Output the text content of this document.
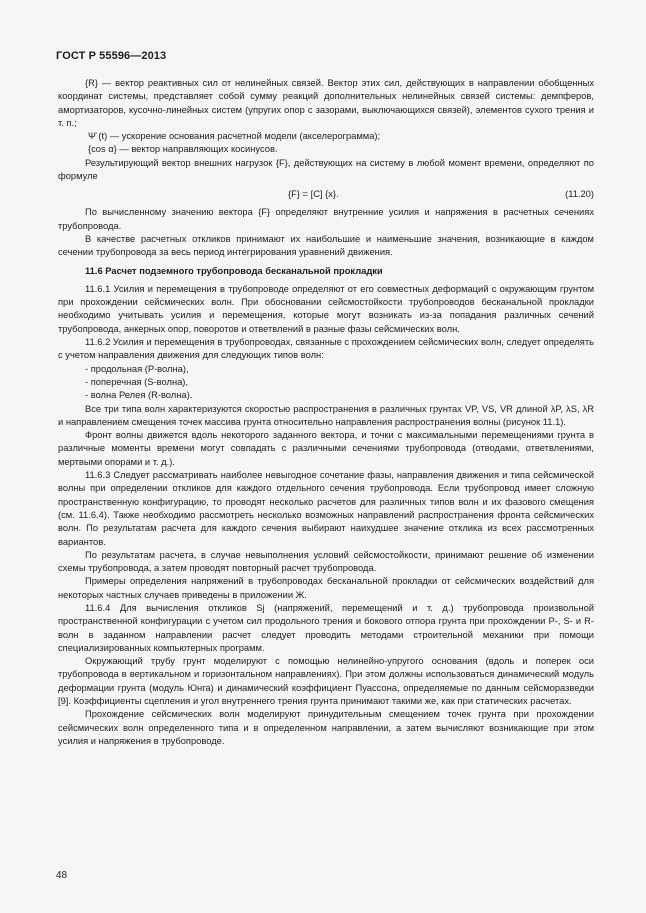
ГОСТ Р 55596—2013

{R} — вектор реактивных сил от нелинейных связей. Вектор этих сил, действующих в направлении обобщенных координат системы, представляет собой сумму реакций дополнительных нелинейных связей системы: демпферов, амортизаторов, кусочно-линейных систем (упругих опор с зазорами, выключающихся связей), элементов сухого трения и т. п.;

Ψ̈ (t) — ускорение основания расчетной модели (акселерограмма);

{cos α} — вектор направляющих косинусов.

Результирующий вектор внешних нагрузок {F}, действующих на систему в любой момент времени, определяют по формуле

{F} = [C] {x}.	(11.20)

По вычисленному значению вектора {F} определяют внутренние усилия и напряжения в расчетных сечениях трубопровода.

В качестве расчетных откликов принимают их наибольшие и наименьшие значения, возникающие в каждом сечении трубопровода за весь период интегрирования уравнений движения.

11.6 Расчет подземного трубопровода бесканальной прокладки

11.6.1 Усилия и перемещения в трубопроводе определяют от его совместных деформаций с окружающим грунтом при прохождении сейсмических волн. При обосновании сейсмостойкости трубопроводов бесканальной прокладки необходимо учитывать усилия и перемещения, которые могут возникать из-за попадания различных сечений трубопровода, анкерных опор, поворотов и ответвлений в разные фазы сейсмических волн.

11.6.2 Усилия и перемещения в трубопроводах, связанные с прохождением сейсмических волн, следует определять с учетом направления движения для следующих типов волн:

- продольная (P-волна),

- поперечная (S-волна),

- волна Релея (R-волна).

Все три типа волн характеризуются скоростью распространения в различных грунтах VP, VS, VR длиной λP, λS, λR и направлением смещения точек массива грунта относительно направления распространения волны (рисунок 11.1).

Фронт волны движется вдоль некоторого заданного вектора, и точки с максимальными перемещениями грунта в различные моменты времени могут совпадать с различными сечениями трубопровода (отводами, ответвлениями, мертвыми опорами и т. д.).

11.6.3 Следует рассматривать наиболее невыгодное сочетание фазы, направления движения и типа сейсмической волны при определении откликов для каждого отдельного сечения трубопровода. Если трубопровод имеет сложную пространственную конфигурацию, то проводят несколько расчетов для различных типов волн и их фазового смещения (см. 11.6.4). Также необходимо рассмотреть несколько возможных направлений распространения фронта сейсмических волн. По результатам расчета для каждого сечения выбирают наихудшее значение отклика из всех рассмотренных вариантов.

По результатам расчета, в случае невыполнения условий сейсмостойкости, принимают решение об изменении схемы трубопровода, а затем проводят повторный расчет трубопровода.

Примеры определения напряжений в трубопроводах бесканальной прокладки от сейсмических воздействий для некоторых частных случаев приведены в приложении Ж.

11.6.4 Для вычисления откликов Sj (напряжений, перемещений и т. д.) трубопровода произвольной пространственной конфигурации с учетом сил продольного трения и бокового отпора грунта при прохождении P-, S- и R-волн в заданном направлении расчет следует проводить методами строительной механики при помощи специализированных компьютерных программ.

Окружающий трубу грунт моделируют с помощью нелинейно-упругого основания (вдоль и поперек оси трубопровода в вертикальном и горизонтальном направлениях). При этом должны использоваться динамический модуль деформации грунта (модуль Юнга) и динамический коэффициент Пуассона, определяемые по данным сейсморазведки [9]. Коэффициенты сцепления и угол внутреннего трения грунта принимают такими же, как при статических расчетах.

Прохождение сейсмических волн моделируют принудительным смещением точек грунта при прохождении сейсмических волн определенного типа и в определенном направлении, а затем вычисляют возникающие при этом усилия и напряжения в трубопроводе.

48
